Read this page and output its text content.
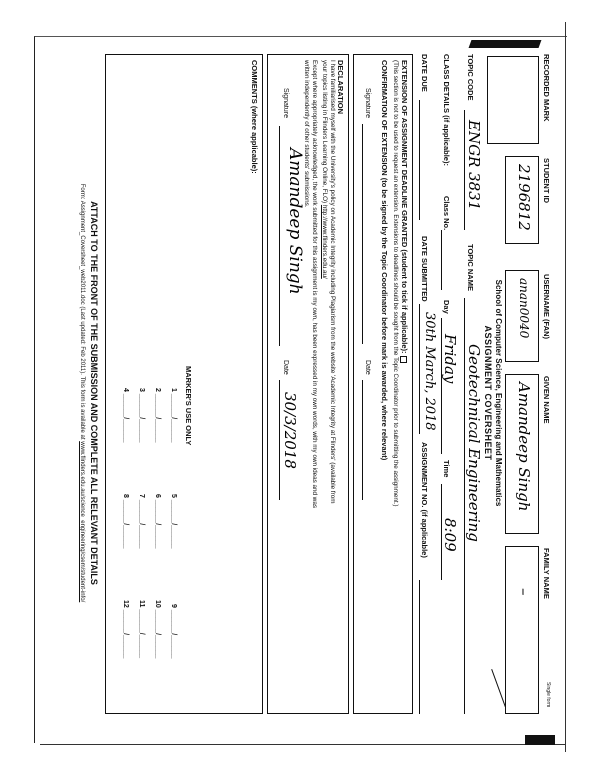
RECORDED MARK
STUDENT ID
2196812
USERNAME (FAN)
anan0040
GIVEN NAME
Amandeep Singh
FAMILY NAME
–
Single form
School of Computer Science, Engineering and Mathematics
ASSIGNMENT COVERSHEET
TOPIC CODE
ENGR 3831
TOPIC NAME
Geotechnical Engineering
CLASS DETAILS (if applicable):
Class No.
Day
Friday
Time
8:09
DATE DUE
DATE SUBMITTED
30th March, 2018
ASSIGNMENT NO. (if applicable)
EXTENSION OF ASSIGNMENT DEADLINE GRANTED (student to tick if applicable):
(This section is not to be used to request an extension. Extensions to deadlines should be sought from the Topic Coordinator prior to submitting the assignment.)
CONFIRMATION OF EXTENSION (to be signed by the Topic Coordinator before mark is awarded, where relevant)
Signature
Date
DECLARATION
I have familiarised myself with the University's policy on Academic Integrity including Plagiarism from the website 'Academic Integrity at Flinders' (available from
your topics listing in Flinders Learning Online, FLO) http://www.flinders.edu.au/
Except where appropriately acknowledged, the work submitted for this assignment is my own, has been expressed in my own words, with my own ideas and was
written independently of other students' submissions.
Signature
Amandeep Singh
Date
30/3/2018
COMMENTS (where applicable):
MARKER'S USE ONLY
1 ______/______
2 ______/______
3 ______/______
4 ______/______
5 ______/______
6 ______/______
7 ______/______
8 ______/______
9 ______/______
10 ______/______
11 ______/______
12 ______/______
ATTACH TO THE FRONT OF THE SUBMISSION AND COMPLETE ALL RELEVANT DETAILS
Form: Assignment_Coversheet_web2011.doc (Last updated: Feb 2011). This form is available at www.flinders.edu.au/science_engineering/csem/student-info/
